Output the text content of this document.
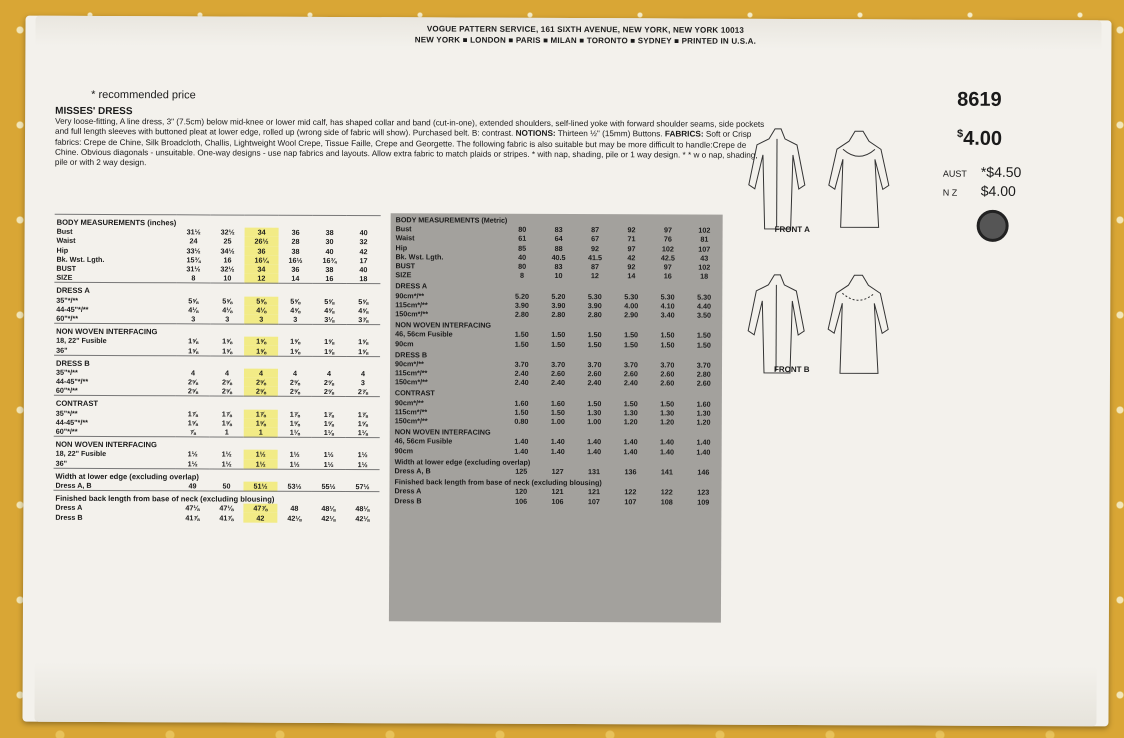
VOGUE PATTERN SERVICE, 161 SIXTH AVENUE, NEW YORK, NEW YORK 10013
NEW YORK ■ LONDON ■ PARIS ■ MILAN ■ TORONTO ■ SYDNEY ■ PRINTED IN U.S.A.
8619
$4.00
AUST *$4.50
N Z $4.00
* recommended price
MISSES' DRESS
Very loose-fitting, A line dress, 3" (7.5cm) below mid-knee or lower mid calf, has shaped collar and band (cut-in-one), extended shoulders, self-lined yoke with forward shoulder seams, side pockets and full length sleeves with buttoned pleat at lower edge, rolled up (wrong side of fabric will show). Purchased belt. B: contrast. NOTIONS: Thirteen ½" (15mm) Buttons. FABRICS: Soft or Crisp fabrics: Crepe de Chine, Silk Broadcloth, Challis, Lightweight Wool Crepe, Tissue Faille, Crepe and Georgette. The following fabric is also suitable but may be more difficult to handle:Crepe de Chine. Obvious diagonals - unsuitable. One-way designs - use nap fabrics and layouts. Allow extra fabric to match plaids or stripes. * with nap, shading, pile or 1 way design. * * w o nap, shading, pile or with 2 way design.
BODY MEASUREMENTS (inches)						
Bust	31½	32½	34	36	38	40
Waist	24	25	26½	28	30	32
Hip	33½	34½	36	38	40	42
Bk. Wst. Lgth.	15¾	16	16¼	16½	16¾	17
BUST	31½	32½	34	36	38	40
SIZE	8	10	12	14	16	18
DRESS A						
35"*/**	5⅝	5⅝	5⅝	5⅝	5⅝	5⅝
44-45"*/**	4⅛	4⅛	4⅛	4⅝	4⅝	4⅝
60"*/**	3	3	3	3	3⅛	3⅞
NON WOVEN INTERFACING						
18, 22" Fusible	1⅝	1⅝	1⅝	1⅝	1⅝	1⅝
36"	1⅝	1⅝	1⅝	1⅝	1⅝	1⅝
DRESS B						
35"*/**	4	4	4	4	4	4
44-45"*/**	2⅝	2⅝	2⅝	2⅝	2⅝	3
60"*/**	2⅝	2⅝	2⅝	2⅝	2⅝	2⅞
CONTRAST						
35"*/**	1⅞	1⅞	1⅞	1⅞	1⅞	1⅞
44-45"*/**	1⅝	1⅝	1⅝	1⅝	1⅝	1⅝
60"*/**	⅞	1	1	1⅛	1⅛	1⅛
NON WOVEN INTERFACING						
18, 22" Fusible	1½	1½	1½	1½	1½	1½
36"	1½	1½	1½	1½	1½	1½
Width at lower edge (excluding overlap)						
Dress A, B	49	50	51½	53½	55½	57½
Finished back length from base of neck (excluding blousing)						
Dress A	47⅛	47⅛	47⅞	48	48⅛	48⅛
Dress B	41⅞	41⅞	42	42⅛	42⅛	42⅛
BODY MEASUREMENTS (Metric)						
Bust	80	83	87	92	97	102
Waist	61	64	67	71	76	81
Hip	85	88	92	97	102	107
Bk. Wst. Lgth.	40	40.5	41.5	42	42.5	43
BUST	80	83	87	92	97	102
SIZE	8	10	12	14	16	18
DRESS A						
90cm*/**	5.20	5.20	5.30	5.30	5.30	5.30
115cm*/**	3.90	3.90	3.90	4.00	4.10	4.40
150cm*/**	2.80	2.80	2.80	2.90	3.40	3.50
NON WOVEN INTERFACING						
46, 56cm Fusible	1.50	1.50	1.50	1.50	1.50	1.50
90cm	1.50	1.50	1.50	1.50	1.50	1.50
DRESS B						
90cm*/**	3.70	3.70	3.70	3.70	3.70	3.70
115cm*/**	2.40	2.60	2.60	2.60	2.60	2.80
150cm*/**	2.40	2.40	2.40	2.40	2.60	2.60
CONTRAST						
90cm*/**	1.60	1.60	1.50	1.50	1.50	1.60
115cm*/**	1.50	1.50	1.30	1.30	1.30	1.30
150cm*/**	0.80	1.00	1.00	1.20	1.20	1.20
NON WOVEN INTERFACING						
46, 56cm Fusible	1.40	1.40	1.40	1.40	1.40	1.40
90cm	1.40	1.40	1.40	1.40	1.40	1.40
Width at lower edge (excluding overlap)						
Dress A, B	125	127	131	136	141	146
Finished back length from base of neck (excluding blousing)						
Dress A	120	121	121	122	122	123
Dress B	106	106	107	107	108	109
FRONT A
FRONT B
